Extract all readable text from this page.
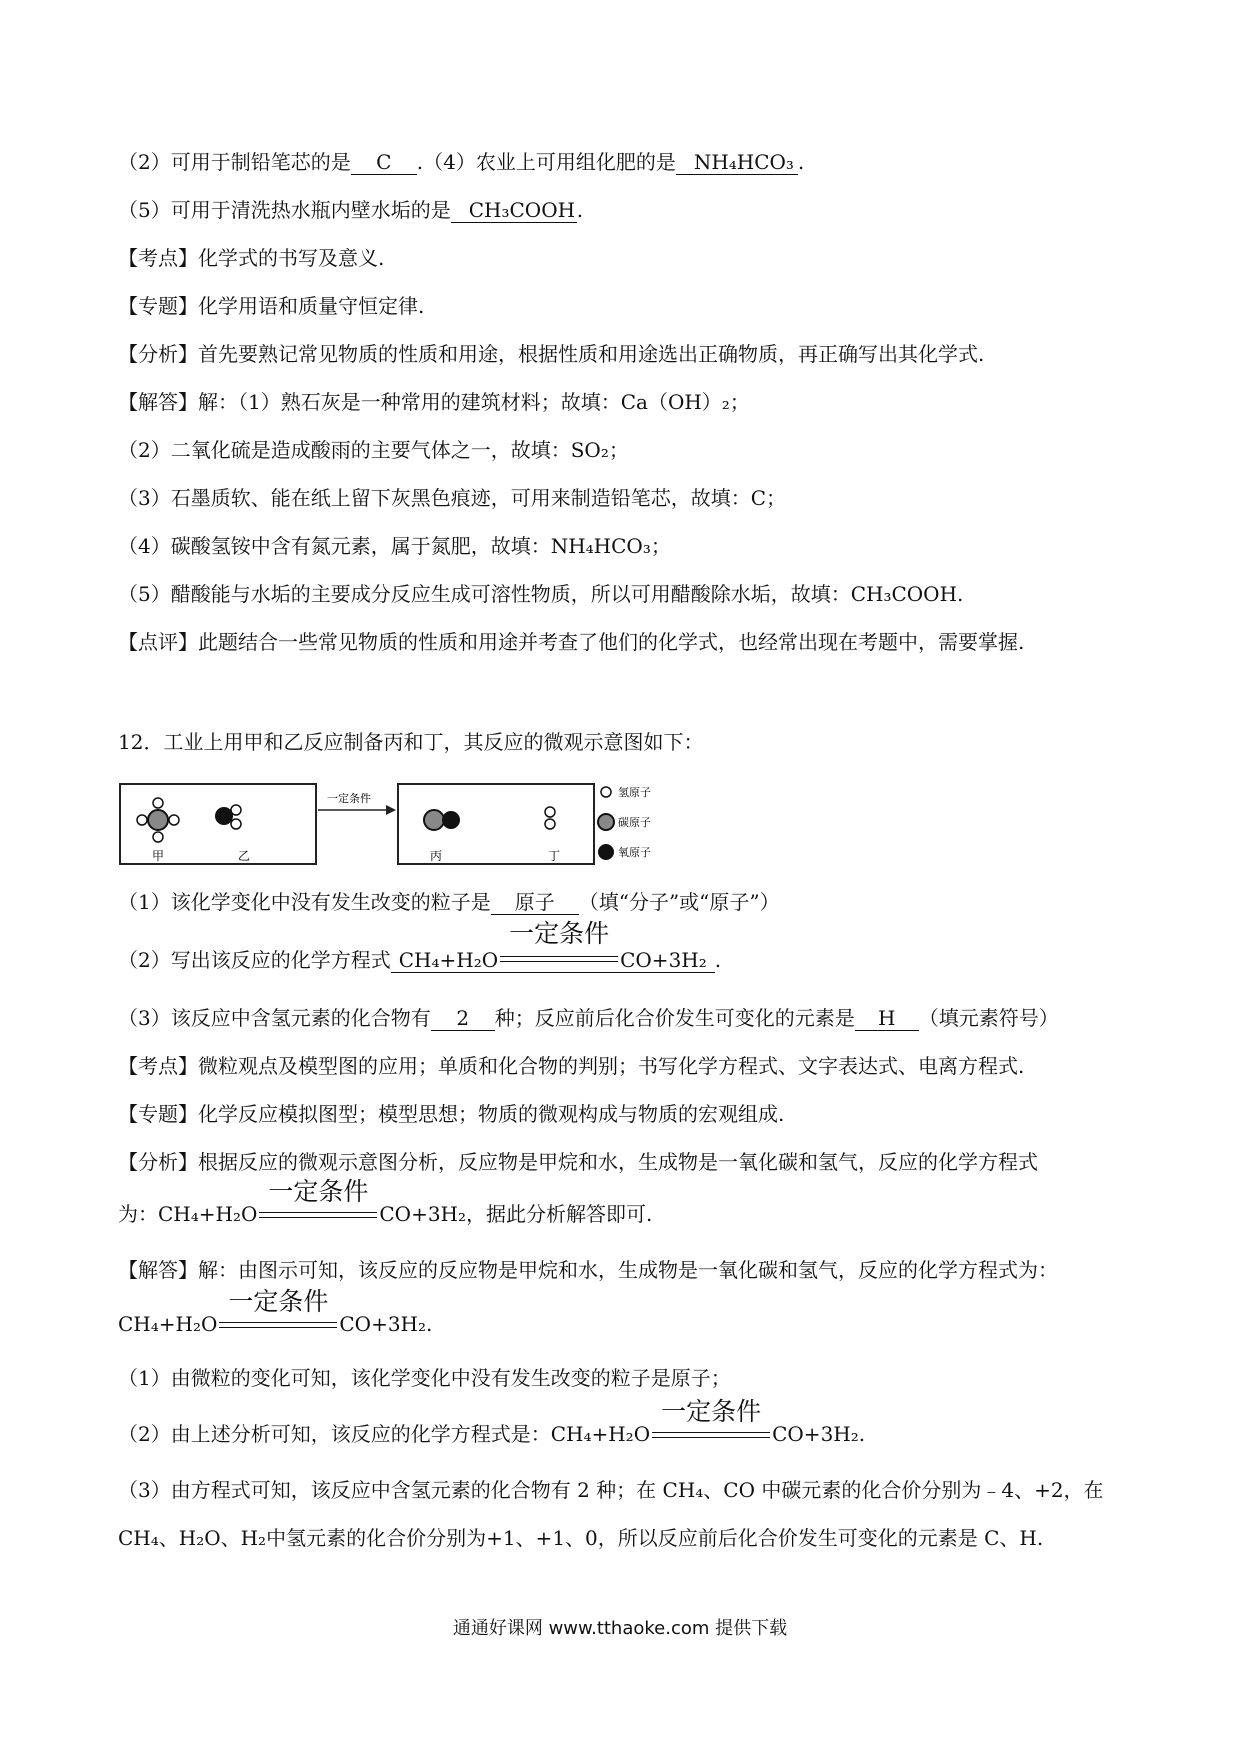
（2）可用于制铅笔芯的是 C .（4）农业上可用组化肥的是 NH₄HCO₃ .
（5）可用于清洗热水瓶内壁水垢的是 CH₃COOH.
【考点】化学式的书写及意义.
【专题】化学用语和质量守恒定律.
【分析】首先要熟记常见物质的性质和用途，根据性质和用途选出正确物质，再正确写出其化学式.
【解答】解：（1）熟石灰是一种常用的建筑材料；故填：Ca（OH）₂；
（2）二氧化硫是造成酸雨的主要气体之一，故填：SO₂；
（3）石墨质软、能在纸上留下灰黑色痕迹，可用来制造铅笔芯，故填：C；
（4）碳酸氢铵中含有氮元素，属于氮肥，故填：NH₄HCO₃；
（5）醋酸能与水垢的主要成分反应生成可溶性物质，所以可用醋酸除水垢，故填：CH₃COOH.
【点评】此题结合一些常见物质的性质和用途并考查了他们的化学式，也经常出现在考题中，需要掌握.
12．工业上用甲和乙反应制备丙和丁，其反应的微观示意图如下：
一定条件
甲	乙	丙	丁
氢原子
碳原子
氧原子
（1）该化学变化中没有发生改变的粒子是 原子 （填“分子”或“原子”）
（2）写出该反应的化学方程式 CH₄+H₂O
一定条件
CO+3H₂ .
（3）该反应中含氢元素的化合物有 2 种；反应前后化合价发生可变化的元素是 H （填元素符号）
【考点】微粒观点及模型图的应用；单质和化合物的判别；书写化学方程式、文字表达式、电离方程式.
【专题】化学反应模拟图型；模型思想；物质的微观构成与物质的宏观组成.
【分析】根据反应的微观示意图分析，反应物是甲烷和水，生成物是一氧化碳和氢气，反应的化学方程式
为：CH₄+H₂O
一定条件
CO+3H₂，据此分析解答即可.
【解答】解：由图示可知，该反应的反应物是甲烷和水，生成物是一氧化碳和氢气，反应的化学方程式为：
CH₄+H₂O
一定条件
CO+3H₂.
（1）由微粒的变化可知，该化学变化中没有发生改变的粒子是原子；
（2）由上述分析可知，该反应的化学方程式是：CH₄+H₂O
一定条件
CO+3H₂.
（3）由方程式可知，该反应中含氢元素的化合物有 2 种；在 CH₄、CO 中碳元素的化合价分别为﹣4、+2，在
CH₄、H₂O、H₂中氢元素的化合价分别为+1、+1、0，所以反应前后化合价发生可变化的元素是 C、H.
通通好课网 www.tthaoke.com 提供下载
